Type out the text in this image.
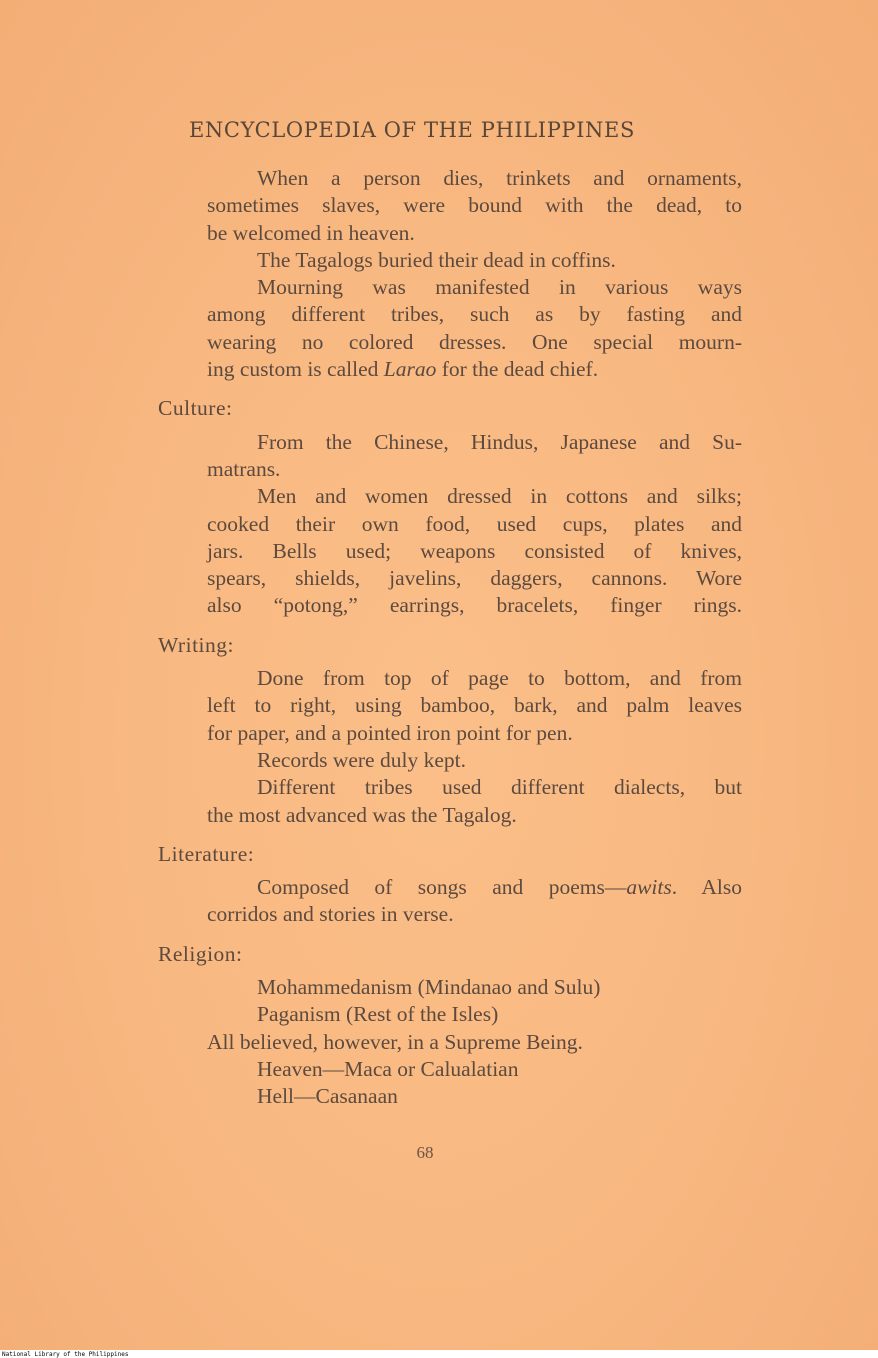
ENCYCLOPEDIA OF THE PHILIPPINES
When a person dies, trinkets and ornaments,
sometimes slaves, were bound with the dead, to
be welcomed in heaven.
The Tagalogs buried their dead in coffins.
Mourning was manifested in various ways
among different tribes, such as by fasting and
wearing no colored dresses. One special mourn-
ing custom is called Larao for the dead chief.
Culture:
From the Chinese, Hindus, Japanese and Su-
matrans.
Men and women dressed in cottons and silks;
cooked their own food, used cups, plates and
jars. Bells used; weapons consisted of knives,
spears, shields, javelins, daggers, cannons. Wore
also “potong,” earrings, bracelets, finger rings.
Writing:
Done from top of page to bottom, and from
left to right, using bamboo, bark, and palm leaves
for paper, and a pointed iron point for pen.
Records were duly kept.
Different tribes used different dialects, but
the most advanced was the Tagalog.
Literature:
Composed of songs and poems—awits. Also
corridos and stories in verse.
Religion:
Mohammedanism (Mindanao and Sulu)
Paganism (Rest of the Isles)
All believed, however, in a Supreme Being.
Heaven—Maca or Calualatian
Hell—Casanaan
68
National Library of the Philippines
